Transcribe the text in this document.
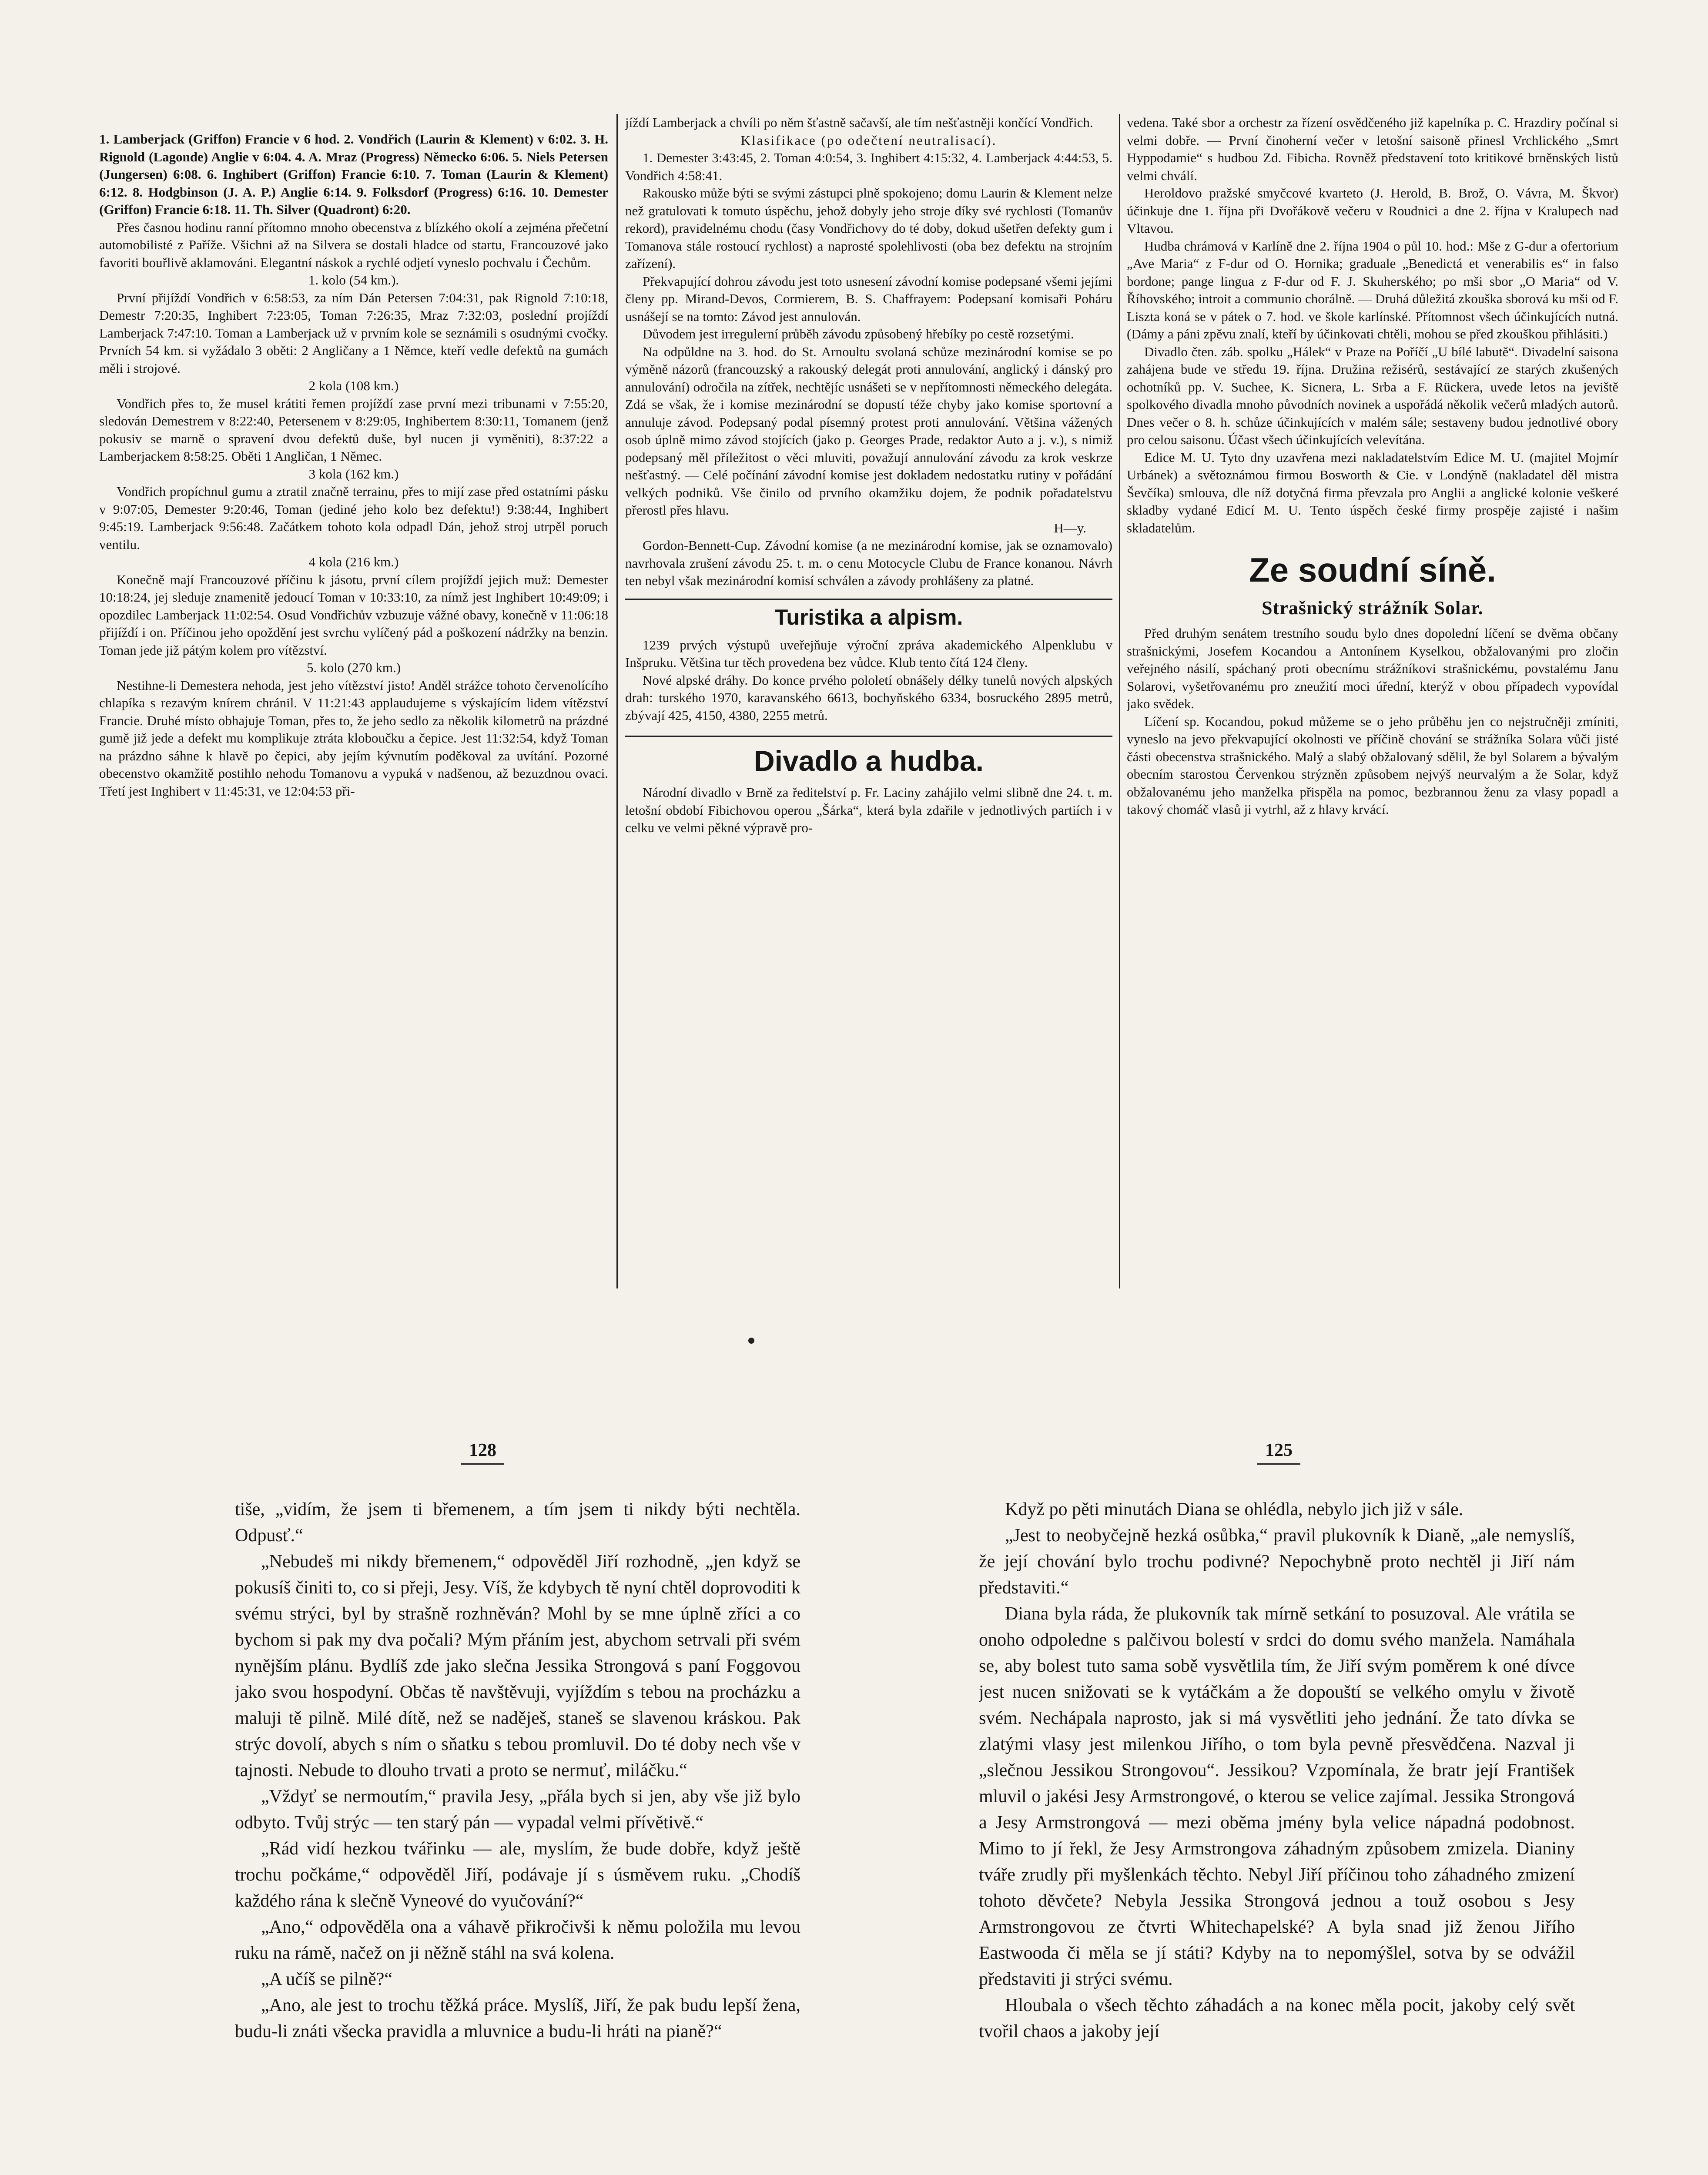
1. Lamberjack (Griffon) Francie v 6 hod. 2. Vondřich (Laurin & Klement) v 6:02. 3. H. Rignold (Lagonde) Anglie v 6:04. 4. A. Mraz (Progress) Německo 6:06. 5. Niels Petersen (Jungersen) 6:08. 6. Inghibert (Griffon) Francie 6:10. 7. Toman (Laurin & Klement) 6:12. 8. Hodgbinson (J. A. P.) Anglie 6:14. 9. Folksdorf (Progress) 6:16. 10. Demester (Griffon) Francie 6:18. 11. Th. Silver (Quadront) 6:20.

Přes časnou hodinu ranní přítomno mnoho obecenstva z blízkého okolí a zejména přečetní automobilisté z Paříže. Všichni až na Silvera se dostali hladce od startu, Francouzové jako favoriti bouřlivě aklamováni. Elegantní náskok a rychlé odjetí vyneslo pochvalu i Čechům.

1. kolo (54 km.).

První přijíždí Vondřich v 6:58:53, za ním Dán Petersen 7:04:31, pak Rignold 7:10:18, Demestr 7:20:35, Inghibert 7:23:05, Toman 7:26:35, Mraz 7:32:03, poslední projíždí Lamberjack 7:47:10. Toman a Lamberjack už v prvním kole se seznámili s osudnými cvočky. Prvních 54 km. si vyžádalo 3 oběti: 2 Angličany a 1 Němce, kteří vedle defektů na gumách měli i strojové.

2 kola (108 km.)

Vondřich přes to, že musel krátiti řemen projíždí zase první mezi tribunami v 7:55:20, sledován Demestrem v 8:22:40, Petersenem v 8:29:05, Inghibertem 8:30:11, Tomanem (jenž pokusiv se marně o spravení dvou defektů duše, byl nucen ji vyměniti), 8:37:22 a Lamberjackem 8:58:25. Oběti 1 Angličan, 1 Němec.

3 kola (162 km.)

Vondřich propíchnul gumu a ztratil značně terrainu, přes to mijí zase před ostatními pásku v 9:07:05, Demester 9:20:46, Toman (jediné jeho kolo bez defektu!) 9:38:44, Inghibert 9:45:19. Lamberjack 9:56:48. Začátkem tohoto kola odpadl Dán, jehož stroj utrpěl poruch ventilu.

4 kola (216 km.)

Konečně mají Francouzové příčinu k jásotu, první cílem projíždí jejich muž: Demester 10:18:24, jej sleduje znamenitě jedoucí Toman v 10:33:10, za nímž jest Inghibert 10:49:09; i opozdilec Lamberjack 11:02:54. Osud Vondřichův vzbuzuje vážné obavy, konečně v 11:06:18 přijíždí i on. Příčinou jeho opoždění jest svrchu vylíčený pád a poškození nádržky na benzin. Toman jede již pátým kolem pro vítězství.

5. kolo (270 km.)

Nestihne-li Demestera nehoda, jest jeho vítězství jisto! Anděl strážce tohoto červenolícího chlapíka s rezavým knírem chránil. V 11:21:43 applaudujeme s výskajícím lidem vítězství Francie. Druhé místo obhajuje Toman, přes to, že jeho sedlo za několik kilometrů na prázdné gumě již jede a defekt mu komplikuje ztráta kloboučku a čepice. Jest 11:32:54, když Toman na prázdno sáhne k hlavě po čepici, aby jejím kývnutím poděkoval za uvítání. Pozorné obecenstvo okamžitě postihlo nehodu Tomanovu a vypuká v nadšenou, až bezuzdnou ovaci. Třetí jest Inghibert v 11:45:31, ve 12:04:53 při-

jíždí Lamberjack a chvíli po něm šťastně sačavší, ale tím nešťastněji končící Vondřich.

Klasifikace (po odečtení neutralisací).

1. Demester 3:43:45, 2. Toman 4:0:54, 3. Inghibert 4:15:32, 4. Lamberjack 4:44:53, 5. Vondřich 4:58:41.

Rakousko může býti se svými zástupci plně spokojeno; domu Laurin & Klement nelze než gratulovati k tomuto úspěchu, jehož dobyly jeho stroje díky své rychlosti (Tomanův rekord), pravidelnému chodu (časy Vondřichovy do té doby, dokud ušetřen defekty gum i Tomanova stále rostoucí rychlost) a naprosté spolehlivosti (oba bez defektu na strojním zařízení).

Překvapující dohrou závodu jest toto usnesení závodní komise podepsané všemi jejími členy pp. Mirand-Devos, Cormierem, B. S. Chaffrayem: Podepsaní komisaři Poháru usnášejí se na tomto: Závod jest annulován.

Důvodem jest irregulerní průběh závodu způsobený hřebíky po cestě rozsetými.

Na odpůldne na 3. hod. do St. Arnoultu svolaná schůze mezinárodní komise se po výměně názorů (francouzský a rakouský delegát proti annulování, anglický i dánský pro annulování) odročila na zítřek, nechtějíc usnášeti se v nepřítomnosti německého delegáta. Zdá se však, že i komise mezinárodní se dopustí téže chyby jako komise sportovní a annuluje závod. Podepsaný podal písemný protest proti annulování. Většina vážených osob úplně mimo závod stojících (jako p. Georges Prade, redaktor Auto a j. v.), s nimiž podepsaný měl příležitost o věci mluviti, považují annulování závodu za krok veskrze nešťastný. — Celé počínání závodní komise jest dokladem nedostatku rutiny v pořádání velkých podniků. Vše činilo od prvního okamžiku dojem, že podnik pořadatelstvu přerostl přes hlavu.

H—y.

Gordon-Bennett-Cup. Závodní komise (a ne mezinárodní komise, jak se oznamovalo) navrhovala zrušení závodu 25. t. m. o cenu Motocycle Clubu de France konanou. Návrh ten nebyl však mezinárodní komisí schválen a závody prohlášeny za platné.

Turistika a alpism.

1239 prvých výstupů uveřejňuje výroční zpráva akademického Alpenklubu v Inšpruku. Většina tur těch provedena bez vůdce. Klub tento čítá 124 členy.

Nové alpské dráhy. Do konce prvého pololetí obnášely délky tunelů nových alpských drah: turského 1970, karavanského 6613, bochyňského 6334, bosruckého 2895 metrů, zbývají 425, 4150, 4380, 2255 metrů.

Divadlo a hudba.

Národní divadlo v Brně za ředitelství p. Fr. Laciny zahájilo velmi slibně dne 24. t. m. letošní období Fibichovou operou „Šárka“, která byla zdařile v jednotlivých partiích i v celku ve velmi pěkné výpravě pro-

vedena. Také sbor a orchestr za řízení osvědčeného již kapelníka p. C. Hrazdiry počínal si velmi dobře. — První činoherní večer v letošní saisoně přinesl Vrchlického „Smrt Hyppodamie“ s hudbou Zd. Fibicha. Rovněž představení toto kritikové brněnských listů velmi chválí.

Heroldovo pražské smyčcové kvarteto (J. Herold, B. Brož, O. Vávra, M. Škvor) účinkuje dne 1. října při Dvořákově večeru v Roudnici a dne 2. října v Kralupech nad Vltavou.

Hudba chrámová v Karlíně dne 2. října 1904 o půl 10. hod.: Mše z G-dur a ofertorium „Ave Maria“ z F-dur od O. Hornika; graduale „Benedictá et venerabilis es“ in falso bordone; pange lingua z F-dur od F. J. Skuherského; po mši sbor „O Maria“ od V. Říhovského; introit a communio chorálně. — Druhá důležitá zkouška sborová ku mši od F. Liszta koná se v pátek o 7. hod. ve škole karlínské. Přítomnost všech účinkujících nutná. (Dámy a páni zpěvu znalí, kteří by účinkovati chtěli, mohou se před zkouškou přihlásiti.)

Divadlo čten. záb. spolku „Hálek“ v Praze na Poříčí „U bílé labutě“. Divadelní saisona zahájena bude ve středu 19. října. Družina režisérů, sestávající ze starých zkušených ochotníků pp. V. Suchee, K. Sicnera, L. Srba a F. Rückera, uvede letos na jeviště spolkového divadla mnoho původních novinek a uspořádá několik večerů mladých autorů. Dnes večer o 8. h. schůze účinkujících v malém sále; sestaveny budou jednotlivé obory pro celou saisonu. Účast všech účinkujících velevítána.

Edice M. U. Tyto dny uzavřena mezi nakladatelstvím Edice M. U. (majitel Mojmír Urbánek) a světoznámou firmou Bosworth & Cie. v Londýně (nakladatel děl mistra Ševčíka) smlouva, dle níž dotyčná firma převzala pro Anglii a anglické kolonie veškeré skladby vydané Edicí M. U. Tento úspěch české firmy prospěje zajisté i našim skladatelům.

Ze soudní síně.
Strašnický strážník Solar.

Před druhým senátem trestního soudu bylo dnes dopolední líčení se dvěma občany strašnickými, Josefem Kocandou a Antonínem Kyselkou, obžalovanými pro zločin veřejného násilí, spáchaný proti obecnímu strážníkovi strašnickému, povstalému Janu Solarovi, vyšetřovanému pro zneužití moci úřední, kterýž v obou případech vypovídal jako svědek.

Líčení sp. Kocandou, pokud můžeme se o jeho průběhu jen co nejstručněji zmíniti, vyneslo na jevo překvapující okolnosti ve příčině chování se strážníka Solara vůči jisté části obecenstva strašnického. Malý a slabý obžalovaný sdělil, že byl Solarem a bývalým obecním starostou Červenkou strýzněn způsobem nejvýš neurvalým a že Solar, když obžalovanému jeho manželka přispěla na pomoc, bezbrannou ženu za vlasy popadl a takový chomáč vlasů ji vytrhl, až z hlavy krvácí.

128	125

tiše, „vidím, že jsem ti břemenem, a tím jsem ti nikdy býti nechtěla. Odpusť.“

„Nebudeš mi nikdy břemenem,“ odpověděl Jiří rozhodně, „jen když se pokusíš činiti to, co si přeji, Jesy. Víš, že kdybych tě nyní chtěl doprovoditi k svému strýci, byl by strašně rozhněván? Mohl by se mne úplně zříci a co bychom si pak my dva počali? Mým přáním jest, abychom setrvali při svém nynějším plánu. Bydlíš zde jako slečna Jessika Strongová s paní Foggovou jako svou hospodyní. Občas tě navštěvuji, vyjíždím s tebou na procházku a maluji tě pilně. Milé dítě, než se naděješ, staneš se slavenou kráskou. Pak strýc dovolí, abych s ním o sňatku s tebou promluvil. Do té doby nech vše v tajnosti. Nebude to dlouho trvati a proto se nermuť, miláčku.“

„Vždyť se nermoutím,“ pravila Jesy, „přála bych si jen, aby vše již bylo odbyto. Tvůj strýc — ten starý pán — vypadal velmi přívětivě.“

„Rád vidí hezkou tvářinku — ale, myslím, že bude dobře, když ještě trochu počkáme,“ odpověděl Jiří, podávaje jí s úsměvem ruku. „Chodíš každého rána k slečně Vyneové do vyučování?“

„Ano,“ odpověděla ona a váhavě přikročivši k němu položila mu levou ruku na rámě, načež on ji něžně stáhl na svá kolena.

„A učíš se pilně?“

„Ano, ale jest to trochu těžká práce. Myslíš, Jiří, že pak budu lepší žena, budu-li znáti všecka pravidla a mluvnice a budu-li hráti na pianě?“

Když po pěti minutách Diana se ohlédla, nebylo jich již v sále.

„Jest to neobyčejně hezká osůbka,“ pravil plukovník k Dianě, „ale nemyslíš, že její chování bylo trochu podivné? Nepochybně proto nechtěl ji Jiří nám představiti.“

Diana byla ráda, že plukovník tak mírně setkání to posuzoval. Ale vrátila se onoho odpoledne s palčivou bolestí v srdci do domu svého manžela. Namáhala se, aby bolest tuto sama sobě vysvětlila tím, že Jiří svým poměrem k oné dívce jest nucen snižovati se k vytáčkám a že dopouští se velkého omylu v životě svém. Nechápala naprosto, jak si má vysvětliti jeho jednání. Že tato dívka se zlatými vlasy jest milenkou Jiřího, o tom byla pevně přesvědčena. Nazval ji „slečnou Jessikou Strongovou“. Jessikou? Vzpomínala, že bratr její František mluvil o jakési Jesy Armstrongové, o kterou se velice zajímal. Jessika Strongová a Jesy Armstrongová — mezi oběma jmény byla velice nápadná podobnost. Mimo to jí řekl, že Jesy Armstrongova záhadným způsobem zmizela. Dianiny tváře zrudly při myšlenkách těchto. Nebyl Jiří příčinou toho záhadného zmizení tohoto děvčete? Nebyla Jessika Strongová jednou a touž osobou s Jesy Armstrongovou ze čtvrti Whitechapelské? A byla snad již ženou Jiřího Eastwooda či měla se jí státi? Kdyby na to nepomýšlel, sotva by se odvážil představiti ji strýci svému.

Hloubala o všech těchto záhadách a na konec měla pocit, jakoby celý svět tvořil chaos a jakoby její
